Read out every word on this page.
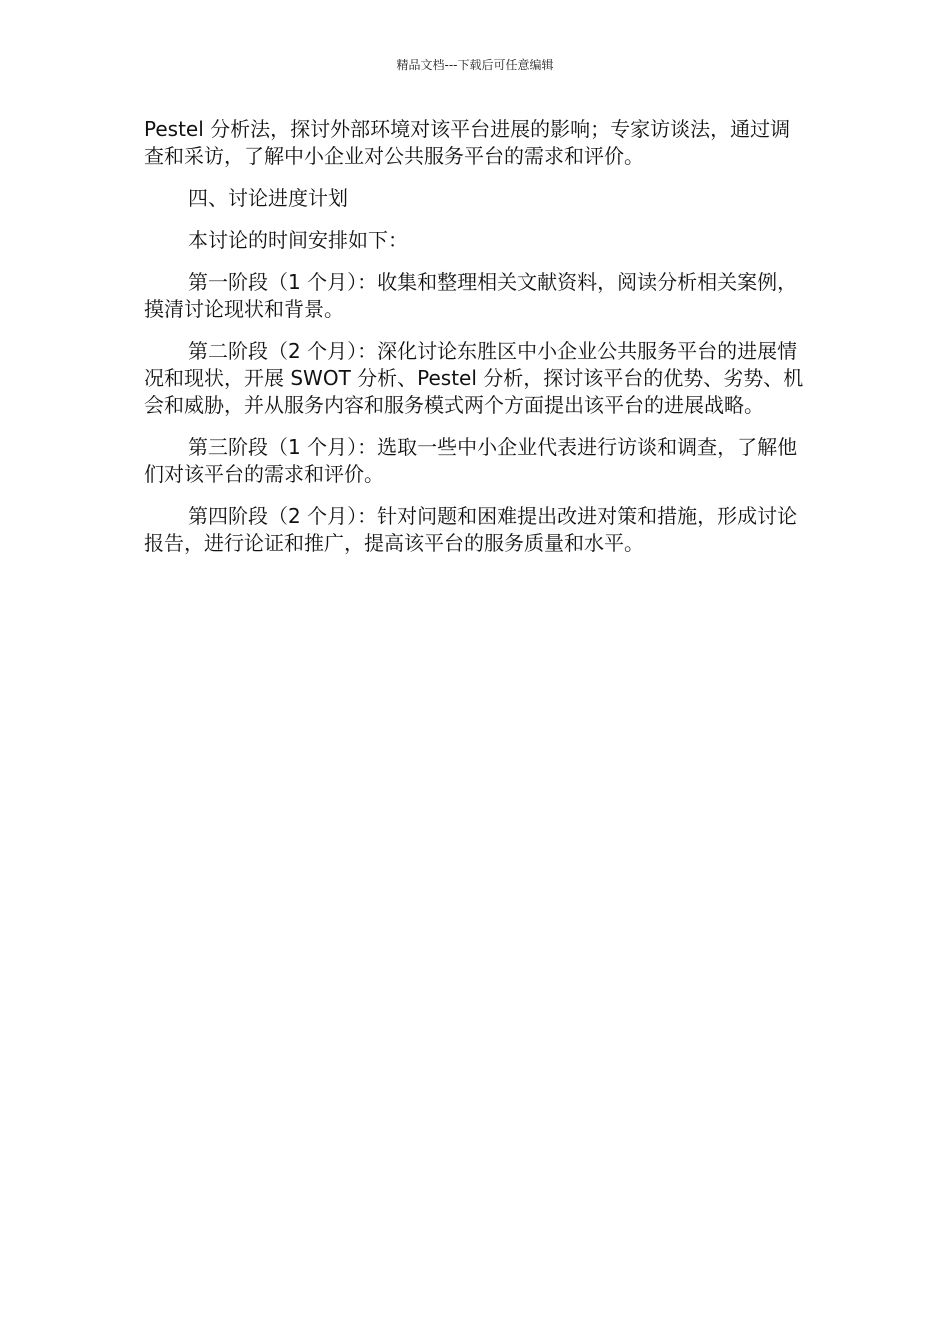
精品文档---下载后可任意编辑

Pestel 分析法，探讨外部环境对该平台进展的影响；专家访谈法，通过调查和采访，了解中小企业对公共服务平台的需求和评价。

四、讨论进度计划

本讨论的时间安排如下：

第一阶段（1 个月）：收集和整理相关文献资料，阅读分析相关案例，摸清讨论现状和背景。

第二阶段（2 个月）：深化讨论东胜区中小企业公共服务平台的进展情况和现状，开展 SWOT 分析、Pestel 分析，探讨该平台的优势、劣势、机会和威胁，并从服务内容和服务模式两个方面提出该平台的进展战略。

第三阶段（1 个月）：选取一些中小企业代表进行访谈和调查，了解他们对该平台的需求和评价。

第四阶段（2 个月）：针对问题和困难提出改进对策和措施，形成讨论报告，进行论证和推广，提高该平台的服务质量和水平。
